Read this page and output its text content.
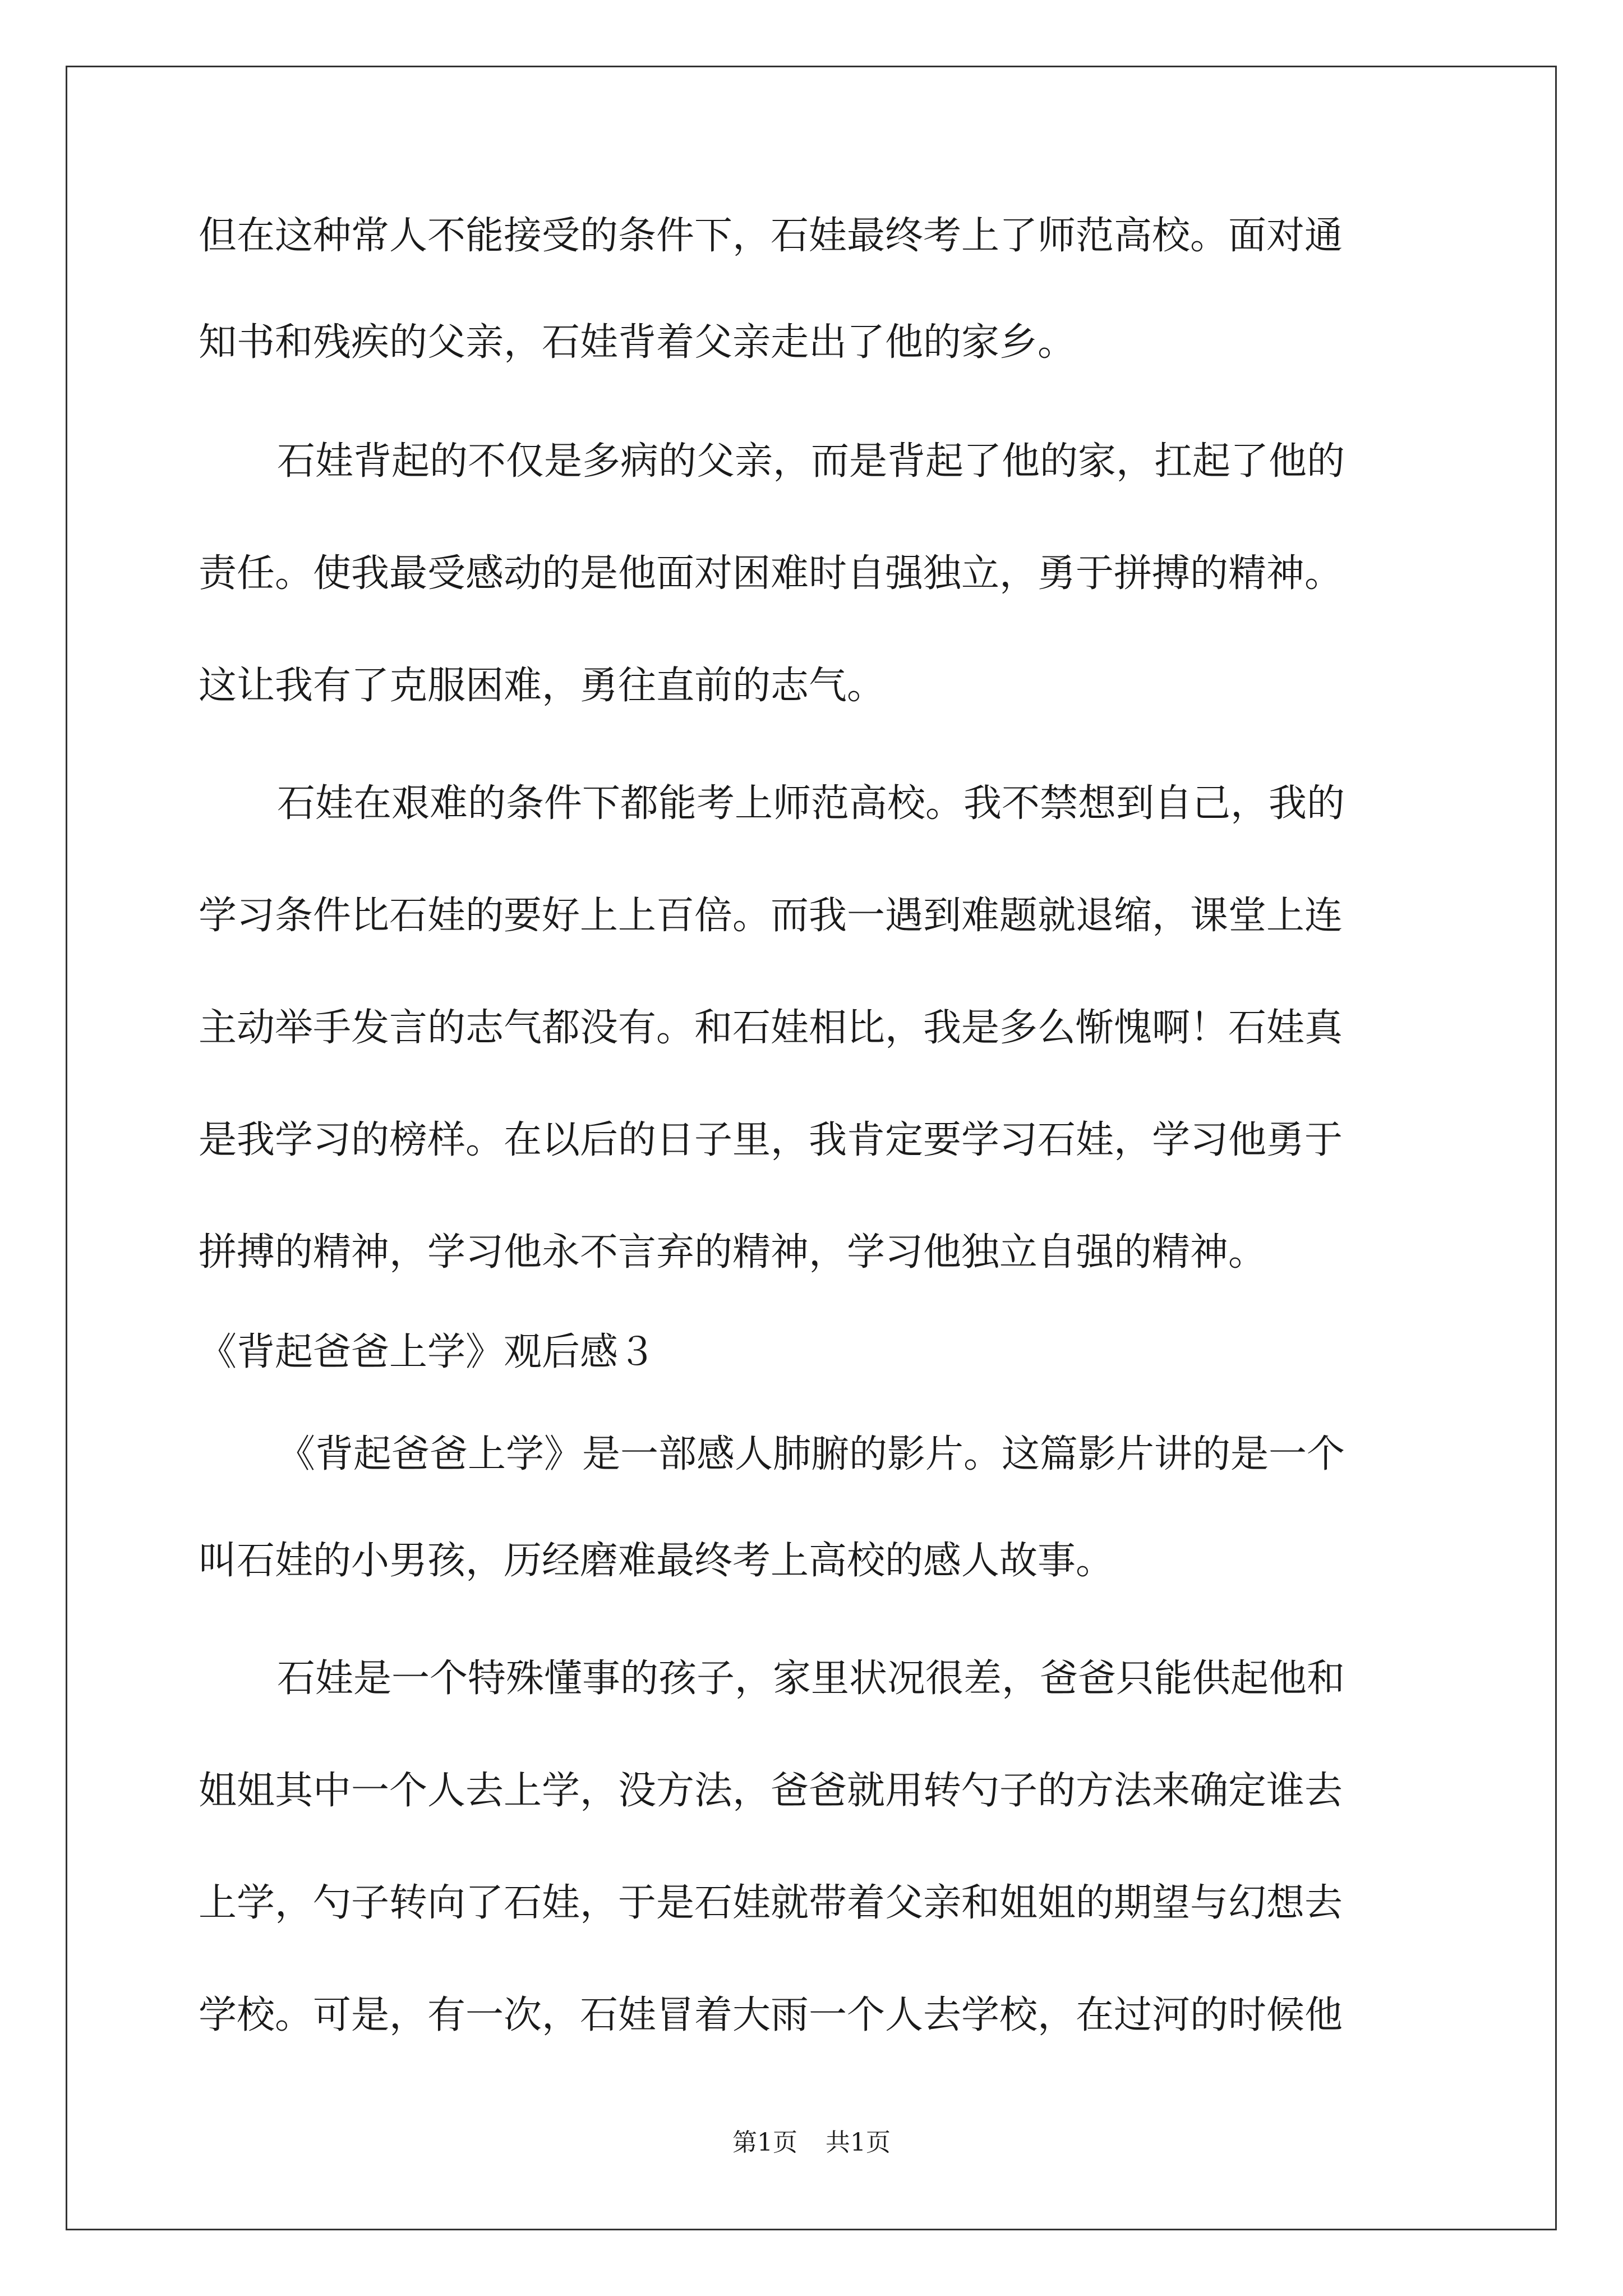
但在这种常人不能接受的条件下，石娃最终考上了师范高校。面对通

知书和残疾的父亲，石娃背着父亲走出了他的家乡。

石娃背起的不仅是多病的父亲，而是背起了他的家，扛起了他的

责任。使我最受感动的是他面对困难时自强独立，勇于拼搏的精神。

这让我有了克服困难，勇往直前的志气。

石娃在艰难的条件下都能考上师范高校。我不禁想到自己，我的

学习条件比石娃的要好上上百倍。而我一遇到难题就退缩，课堂上连

主动举手发言的志气都没有。和石娃相比，我是多么惭愧啊！石娃真

是我学习的榜样。在以后的日子里，我肯定要学习石娃，学习他勇于

拼搏的精神，学习他永不言弃的精神，学习他独立自强的精神。

《背起爸爸上学》观后感３

《背起爸爸上学》是一部感人肺腑的影片。这篇影片讲的是一个

叫石娃的小男孩，历经磨难最终考上高校的感人故事。

石娃是一个特殊懂事的孩子，家里状况很差，爸爸只能供起他和

姐姐其中一个人去上学，没方法，爸爸就用转勺子的方法来确定谁去

上学，勺子转向了石娃，于是石娃就带着父亲和姐姐的期望与幻想去

学校。可是，有一次，石娃冒着大雨一个人去学校，在过河的时候他

第1页 共1页
